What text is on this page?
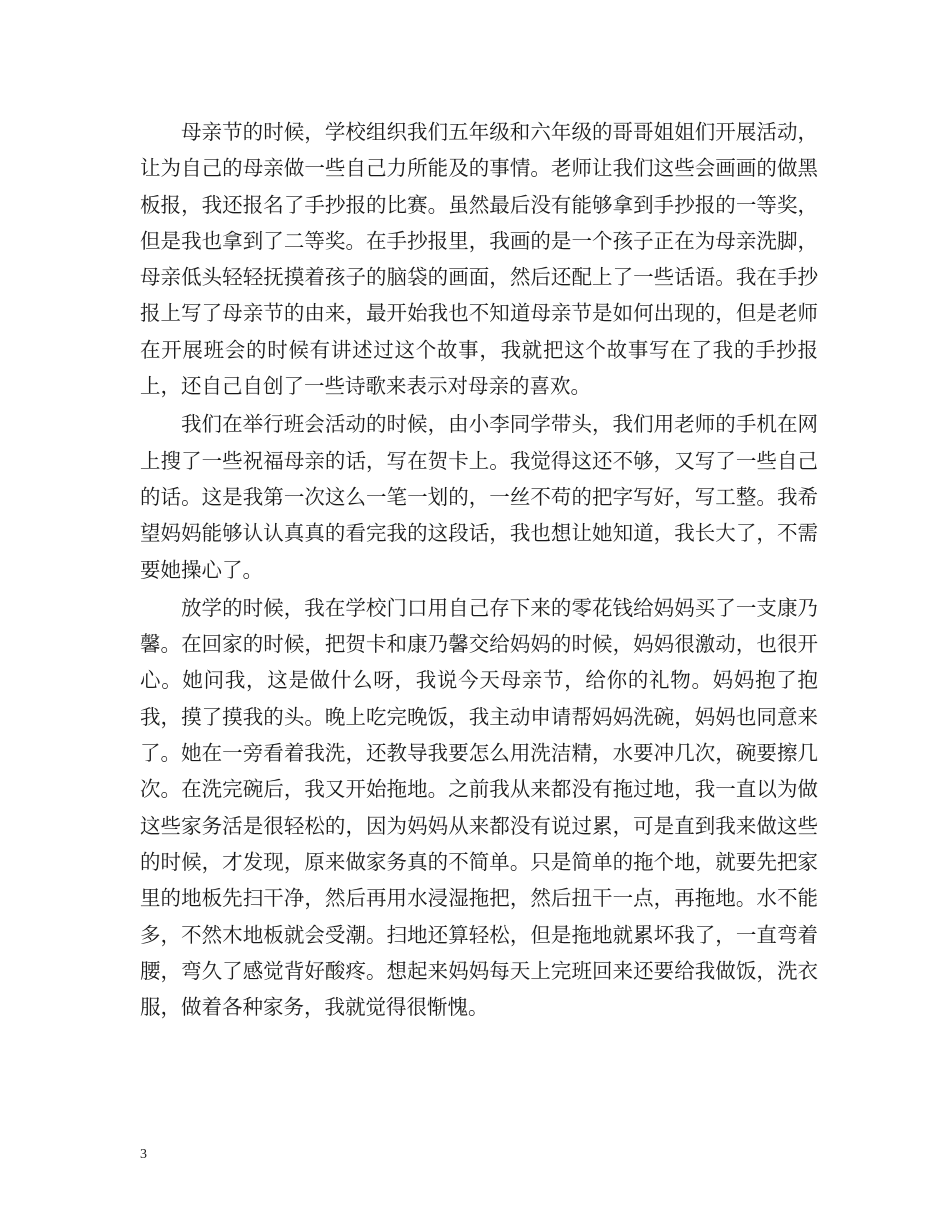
母亲节的时候，学校组织我们五年级和六年级的哥哥姐姐们开展活动，让为自己的母亲做一些自己力所能及的事情。老师让我们这些会画画的做黑板报，我还报名了手抄报的比赛。虽然最后没有能够拿到手抄报的一等奖，但是我也拿到了二等奖。在手抄报里，我画的是一个孩子正在为母亲洗脚，母亲低头轻轻抚摸着孩子的脑袋的画面，然后还配上了一些话语。我在手抄报上写了母亲节的由来，最开始我也不知道母亲节是如何出现的，但是老师在开展班会的时候有讲述过这个故事，我就把这个故事写在了我的手抄报上，还自己自创了一些诗歌来表示对母亲的喜欢。

我们在举行班会活动的时候，由小李同学带头，我们用老师的手机在网上搜了一些祝福母亲的话，写在贺卡上。我觉得这还不够，又写了一些自己的话。这是我第一次这么一笔一划的，一丝不苟的把字写好，写工整。我希望妈妈能够认认真真的看完我的这段话，我也想让她知道，我长大了，不需要她操心了。

放学的时候，我在学校门口用自己存下来的零花钱给妈妈买了一支康乃馨。在回家的时候，把贺卡和康乃馨交给妈妈的时候，妈妈很激动，也很开心。她问我，这是做什么呀，我说今天母亲节，给你的礼物。妈妈抱了抱我，摸了摸我的头。晚上吃完晚饭，我主动申请帮妈妈洗碗，妈妈也同意来了。她在一旁看着我洗，还教导我要怎么用洗洁精，水要冲几次，碗要擦几次。在洗完碗后，我又开始拖地。之前我从来都没有拖过地，我一直以为做这些家务活是很轻松的，因为妈妈从来都没有说过累，可是直到我来做这些的时候，才发现，原来做家务真的不简单。只是简单的拖个地，就要先把家里的地板先扫干净，然后再用水浸湿拖把，然后扭干一点，再拖地。水不能多，不然木地板就会受潮。扫地还算轻松，但是拖地就累坏我了，一直弯着腰，弯久了感觉背好酸疼。想起来妈妈每天上完班回来还要给我做饭，洗衣服，做着各种家务，我就觉得很惭愧。

3
